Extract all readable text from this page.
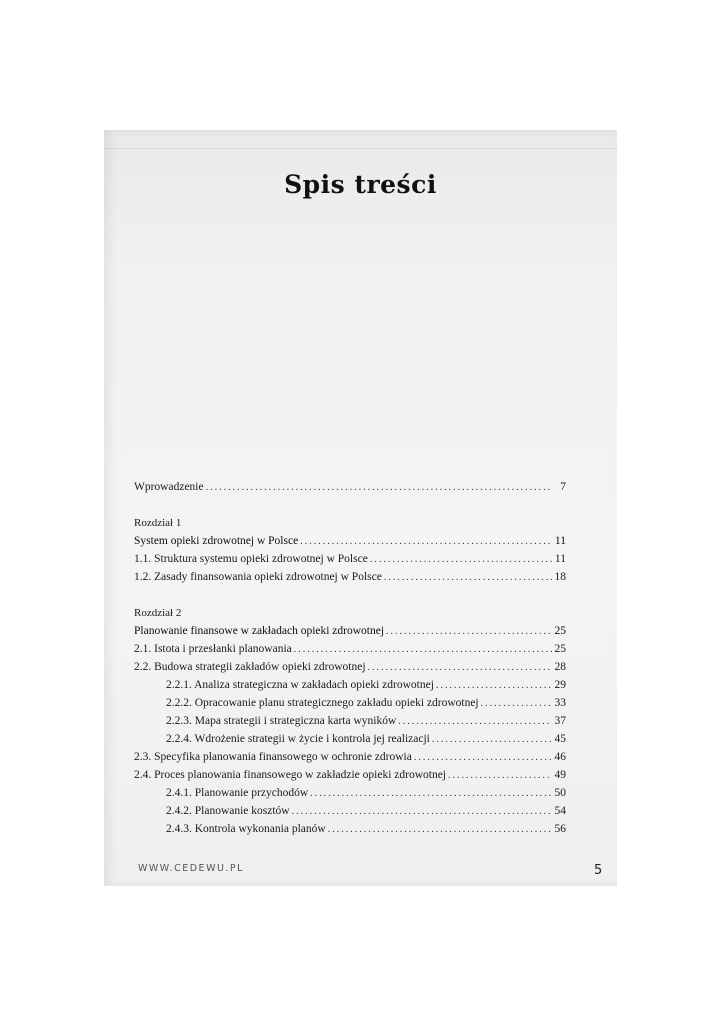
Spis treści
Wprowadzenie .....	7
Rozdział 1
System opieki zdrowotnej w Polsce .....	11
1.1. Struktura systemu opieki zdrowotnej w Polsce .....	11
1.2. Zasady finansowania opieki zdrowotnej w Polsce .....	18
Rozdział 2
Planowanie finansowe w zakładach opieki zdrowotnej .....	25
2.1. Istota i przesłanki planowania .....	25
2.2. Budowa strategii zakładów opieki zdrowotnej .....	28
2.2.1. Analiza strategiczna w zakładach opieki zdrowotnej .....	29
2.2.2. Opracowanie planu strategicznego zakładu opieki zdrowotnej .....	33
2.2.3. Mapa strategii i strategiczna karta wyników .....	37
2.2.4. Wdrożenie strategii w życie i kontrola jej realizacji .....	45
2.3. Specyfika planowania finansowego w ochronie zdrowia .....	46
2.4. Proces planowania finansowego w zakładzie opieki zdrowotnej .....	49
2.4.1. Planowanie przychodów .....	50
2.4.2. Planowanie kosztów .....	54
2.4.3. Kontrola wykonania planów .....	56
WWW.CEDEWU.PL	5
